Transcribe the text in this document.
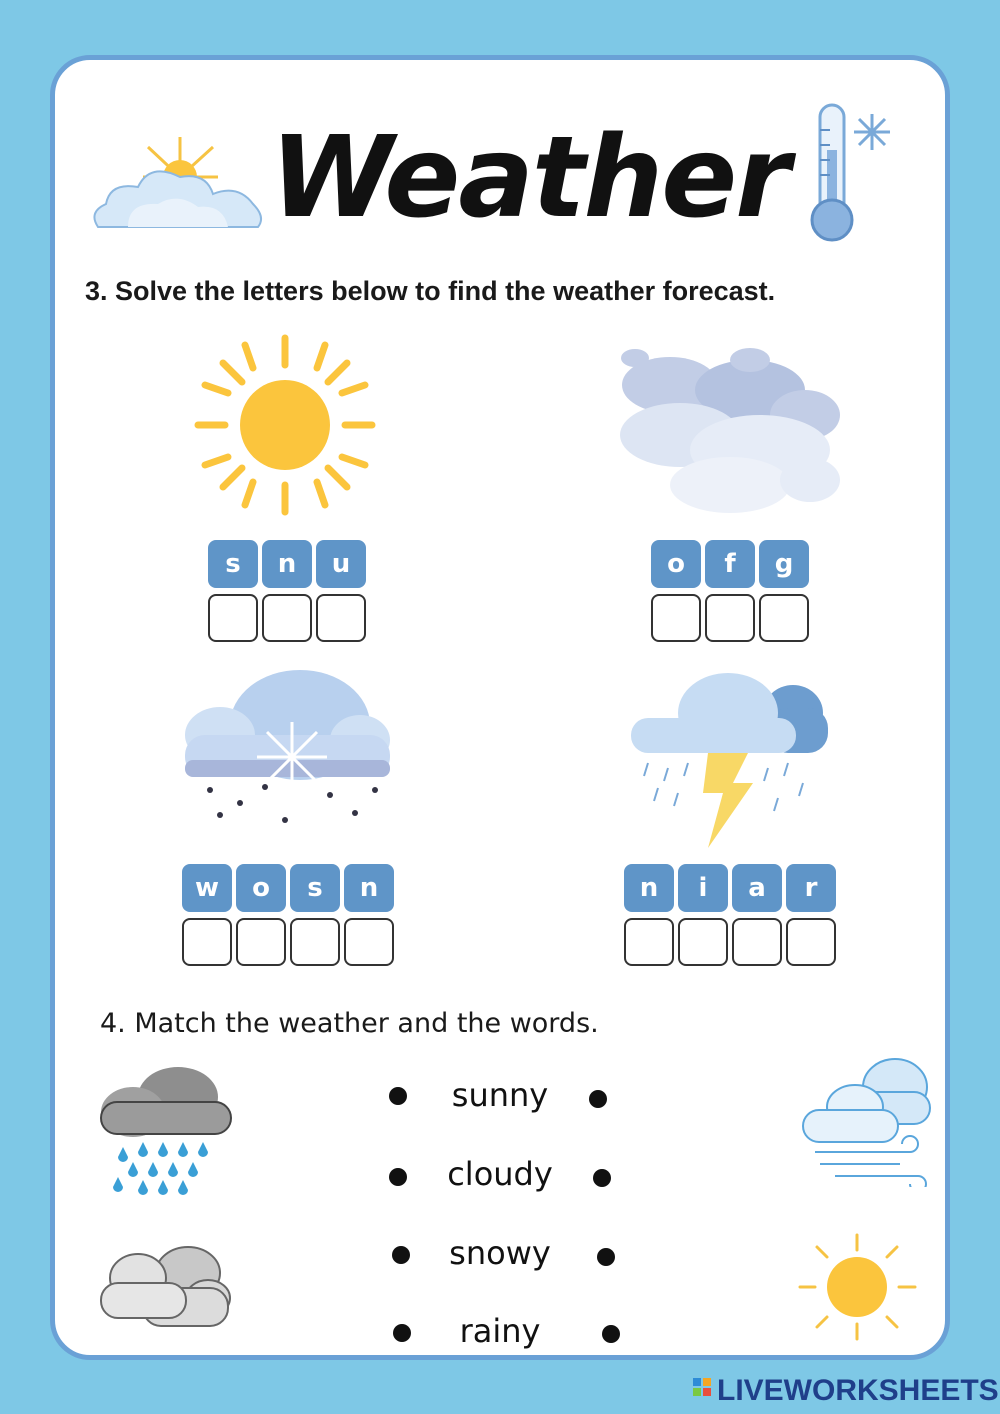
Weather
3. Solve the letters below to find the weather forecast.
s	n	u	o	f	g
w	o	s	n	n	i	a	r
4. Match the weather and the words.
sunny
cloudy
snowy
rainy
LIVEWORKSHEETS
